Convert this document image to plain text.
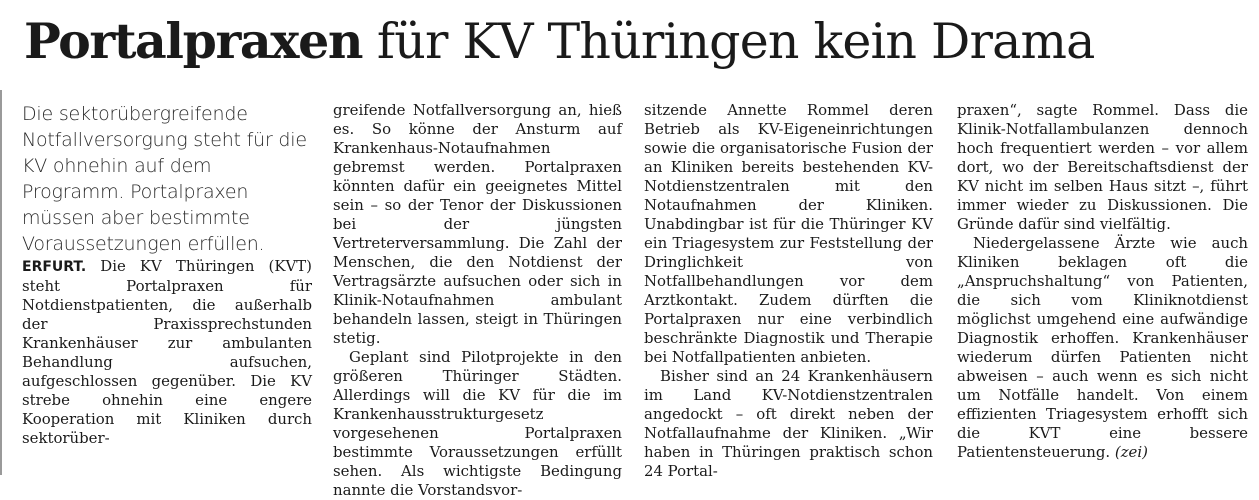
Portalpraxen für KV Thüringen kein Drama

Die sektorübergreifende Notfallversorgung steht für die KV ohnehin auf dem Programm. Portalpraxen müssen aber bestimmte Voraussetzungen erfüllen.

ERFURT. Die KV Thüringen (KVT) steht Portalpraxen für Notdienstpatienten, die außerhalb der Praxissprechstunden Krankenhäuser zur ambulanten Behandlung aufsuchen, aufgeschlossen gegenüber. Die KV strebe ohnehin eine engere Kooperation mit Kliniken durch sektorüber-

greifende Notfallversorgung an, hieß es. So könne der Ansturm auf Krankenhaus-Notaufnahmen gebremst werden. Portalpraxen könnten dafür ein geeignetes Mittel sein – so der Tenor der Diskussionen bei der jüngsten Vertreterversammlung. Die Zahl der Menschen, die den Notdienst der Vertragsärzte aufsuchen oder sich in Klinik-Notaufnahmen ambulant behandeln lassen, steigt in Thüringen stetig.

Geplant sind Pilotprojekte in den größeren Thüringer Städten. Allerdings will die KV für die im Krankenhausstrukturgesetz vorgesehenen Portalpraxen bestimmte Voraussetzungen erfüllt sehen. Als wichtigste Bedingung nannte die Vorstandsvor-

sitzende Annette Rommel deren Betrieb als KV-Eigeneinrichtungen sowie die organisatorische Fusion der an Kliniken bereits bestehenden KV-Notdienstzentralen mit den Notaufnahmen der Kliniken. Unabdingbar ist für die Thüringer KV ein Triagesystem zur Feststellung der Dringlichkeit von Notfallbehandlungen vor dem Arztkontakt. Zudem dürften die Portalpraxen nur eine verbindlich beschränkte Diagnostik und Therapie bei Notfallpatienten anbieten.

Bisher sind an 24 Krankenhäusern im Land KV-Notdienstzentralen angedockt – oft direkt neben der Notfallaufnahme der Kliniken. „Wir haben in Thüringen praktisch schon 24 Portal-

praxen“, sagte Rommel. Dass die Klinik-Notfallambulanzen dennoch hoch frequentiert werden – vor allem dort, wo der Bereitschaftsdienst der KV nicht im selben Haus sitzt –, führt immer wieder zu Diskussionen. Die Gründe dafür sind vielfältig.

Niedergelassene Ärzte wie auch Kliniken beklagen oft die „Anspruchshaltung“ von Patienten, die sich vom Kliniknotdienst möglichst umgehend eine aufwändige Diagnostik erhoffen. Krankenhäuser wiederum dürfen Patienten nicht abweisen – auch wenn es sich nicht um Notfälle handelt. Von einem effizienten Triagesystem erhofft sich die KVT eine bessere Patientensteuerung. (zei)
